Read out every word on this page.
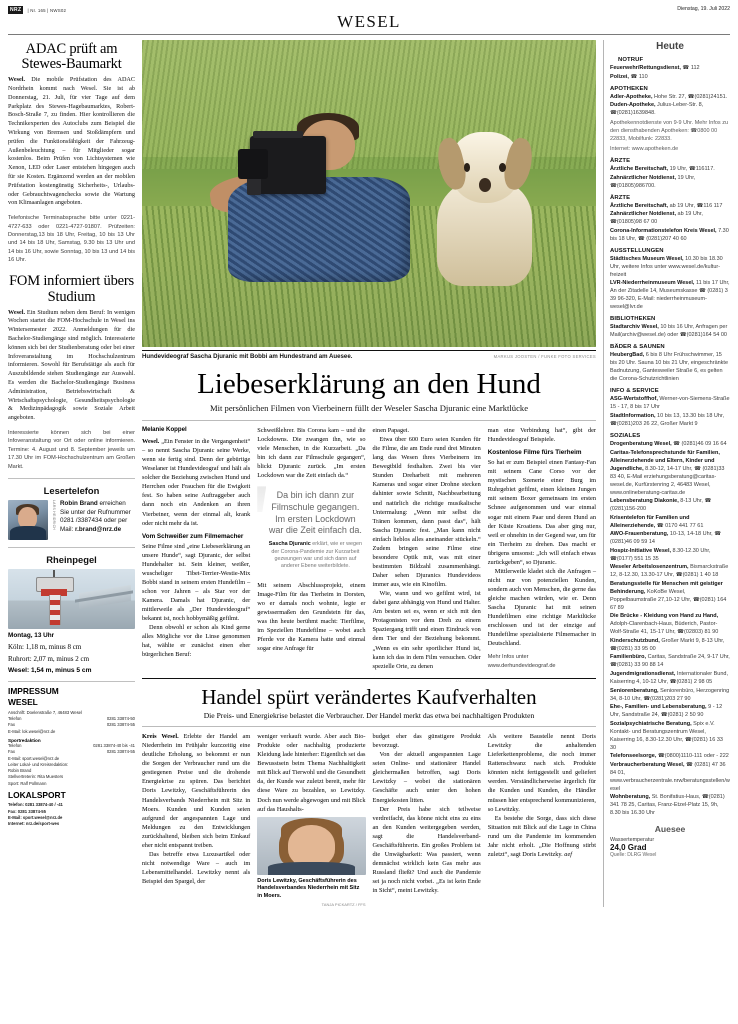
NRZ	| Nr. 165 | NWS02	Dienstag, 19. Juli 2022
WESEL
ADAC prüft am Stewes-Baumarkt
Wesel. Die mobile Prüfstation des ADAC Nordrhein kommt nach Wesel. Sie ist ab Donnerstag, 21. Juli, für vier Tage auf dem Parkplatz des Stewes-Hagebaumarktes, Robert-Bosch-Straße 7, zu finden. Hier kontrollieren die Technikexperten des Autoclubs zum Beispiel die Wirkung von Bremsen und Stoßdämpfern und prüfen die Funktionsfähigkeit der Fahrzeug-Außenbeleuchtung – für Mitglieder sogar kostenlos. Beim Prüfen von Lichtsystemen wie Xenon, LED oder Laser entstehen hingegen auch für sie Kosten. Ergänzend werden an der mobilen Prüfstation kostengünstig Sicherheits-, Urlaubs- oder Gebrauchtwagenchecks sowie die Wartung von Klimaanlagen angeboten.
Telefonische Terminabsprache bitte unter 0221-4727-633 oder 0221-4727-91807. Prüfzeiten: Donnerstag,13 bis 18 Uhr, Freitag, 10 bis 13 Uhr und 14 bis 18 Uhr, Samstag, 9.30 bis 13 Uhr und 14 bis 16 Uhr, sowie Sonntag, 10 bis 13 und 14 bis 16 Uhr.
FOM informiert übers Studium
Wesel. Ein Studium neben dem Beruf: In wenigen Wochen startet die FOM-Hochschule in Wesel ins Wintersemester 2022. Anmeldungen für die Bachelor-Studiengänge sind möglich. Interessierte können sich bei der Studienberatung oder bei einer Infoveranstaltung im Hochschulzentrum informieren. Sowohl für Berufstätige als auch für Auszubildende stehen Studiengänge zur Auswahl. Es werden die Bachelor-Studiengänge Business Administration, Betriebswirtschaft & Wirtschaftspsychologie, Gesundheitspsychologie & Medizinpädagogik sowie Soziale Arbeit angeboten.
Interessierte können sich bei einer Infoveranstaltung vor Ort oder online informieren. Termine: 4. August und 8. September jeweils um 17.30 Uhr im FOM-Hochschulzentrum am Großen Markt.
Lesertelefon
LARS HEIDRICH Robin Brand erreichen Sie unter der Rufnummer 0281 /3387434 oder per Mail: r.brand@nrz.de
Rheinpegel
Montag, 13 Uhr
Köln: 1,18 m, minus 8 cm
Ruhrort: 2,07 m, minus 2 cm
Wesel: 1,54 m, minus 5 cm
IMPRESSUM
WESEL
Anschrift: Doelenstraße 7, 46483 Wesel
Telefon	0281 33874-50
Fax	0281 33874-55
E-Mail: lok.wesel@nrz.de
Sportredaktion
Telefon	0281 33874-40 bis -41
Fax	0281 33874-55
E-Mail: sport.wesel@nrz.de
Leiter Lokal- und Kreisredaktion:
Robin Brand
Stellvertreterin: Rita Muesters
Sport: Ralf Pollmann
LOKALSPORT
Telefon: 0281 33874-40 / -41
Fax: 0281 33874-55
E-Mail: sport.wesel@nrz.de
Internet: nrz.de/sport-wes
Hundevideograf Sascha Djuranic mit Bobbi am Hundestrand am Auesee.	MARKUS JOOSTEN / FUNKE FOTO SERVICES
Liebeserklärung an den Hund
Mit persönlichen Filmen von Vierbeinern füllt der Weseler Sascha Djuranic eine Marktlücke
Melanie Koppel

Wesel. „Ein Fenster in die Vergangenheit“ – so nennt Sascha Djuranic seine Werke, wenn sie fertig sind. Denn der gebürtige Weselaner ist Hundevideograf und hält als solcher die Beziehung zwischen Hund und Herrchen oder Frauchen für die Ewigkeit fest. So haben seine Auftraggeber auch dann noch ein Andenken an ihren Vierbeiner, wenn der einmal alt, krank oder nicht mehr da ist.

Vom Schweißer zum Filmemacher

Seine Filme sind „eine Liebeserklärung an unsere Hunde“, sagt Djuranic, der selbst Hundehalter ist. Sein kleiner, weißer, wuscheliger Tibet-Terrier-Westie-Mix Bobbi stand in seinem ersten Hundefilm – schon vor Jahren – als Star vor der Kamera. Damals hat Djuranic, der mittlerweile als „Der Hundevideograf“ bekannt ist, noch hobbymäßig gefilmt.

Denn obwohl er schon als Kind gerne alles Mögliche vor die Linse genommen hat, wählte er zunächst einen eher bürgerlichen Beruf:

Schweißlehrer. Bis Corona kam – und die Lockdowns. Die zwangen ihn, wie so viele Menschen, in die Kurzarbeit. „Da bin ich dann zur Filmschule gegangen“, blickt Djuranic zurück. „Im ersten Lockdown war die Zeit einfach da.“

Da bin ich dann zur Filmschule gegangen. Im ersten Lockdown war die Zeit einfach da.
Sascha Djuranic erklärt, wie er wegen der Corona-Pandemie zur Kurzarbeit gezwungen war und sich dann auf anderer Ebene weiterbildete.

Mit seinem Abschlussprojekt, einem Image-Film für das Tierheim in Dorsten, wo er damals noch wohnte, legte er gewissermaßen den Grundstein für das, was ihn heute berühmt macht: Tierfilme, im Speziellen Hundefilme – wobei auch Pferde vor die Kamera hatte und einmal sogar eine Anfrage für

einen Papagei.

Etwa über 600 Euro seien Kunden für die Filme, die am Ende rund drei Minuten lang das Wesen ihres Vierbeinern im Bewegtbild festhalten. Zwei bis vier Stunden Dreharbeit mit mehreren Kameras und sogar einer Drohne stecken dahinter sowie Schnitt, Nachbearbeitung und natürlich die richtige musikalische Untermalung: „Wenn mir selbst die Tränen kommen, dann passt das“, hält Sascha Djuranic fest. „Man kann nicht einfach lieblos alles aneinander stückeln.“ Zudem bringen seine Filme eine besondere Optik mit, was mit einer bestimmten Bildzahl zusammenhängt. Daher sehen Djuranics Hundevideos immer aus, wie ein Kinofilm.

Wie, wann und wo gefilmt wird, ist dabei ganz abhängig von Hund und Halter. Am besten sei es, wenn er sich mit den Protagonisten vor dem Dreh zu einem Spaziergang trifft und einen Eindruck von dem Tier und der Beziehung bekommt. „Wenn es ein sehr sportlicher Hund ist, kann ich das in dem Film versuchen. Oder spezielle Orte, zu denen

man eine Verbindung hat“, gibt der Hundevideograf Beispiele.

Kostenlose Filme fürs Tierheim

So hat er zum Beispiel einen Fantasy-Fan mit seinem Cane Corso vor der mystischen Szenerie einer Burg im Ruhrgebiet gefilmt, einen kleinen Jungen mit seinem Boxer gemeinsam im ersten Schnee aufgenommen und war einmal sogar mit einem Paar und deren Hund an der Küste Kroatiens. Das aber ging nur, weil er ohnehin in der Gegend war, um für ein Tierheim zu drehen. Das macht er übrigens umsonst: „Ich will einfach etwas zurückgeben“, so Djuranic.

Mittlerweile kladet sich die Anfragen – nicht nur von potenziellen Kunden, sondern auch von Menschen, die gerne das gleiche machen würden, wie er. Denn Sascha Djuranic hat mit seinen Hundefilmen eine richtige Marktlücke erschlossen und ist der einzige auf Hundefilme spezialisierte Filmemacher in Deutschland.

Mehr Infos unter www.derhundevideograf.de
Handel spürt verändertes Kaufverhalten
Die Preis- und Energiekrise belastet die Verbraucher. Der Handel merkt das etwa bei nachhaltigen Produkten

Kreis Wesel. Erlebte der Handel am Niederrhein im Frühjahr kurzzeitig eine deutliche Erholung, so bekommt er nun die Sorgen der Verbraucher rund um die gestiegenen Preise und die drohende Energiekrise zu spüren. Das berichtet Doris Lewitzky, Geschäftsführerin des Handelsverbands Niederrhein mit Sitz in Moers. Kunden und Kunden seien aufgrund der angespannten Lage und Meldungen zu den Entwicklungen zurückhaltend, bleiben sich beim Einkauf eher nicht entspannt treiben.

Das betreffe etwa Luxusartikel oder nicht notwendige Ware – auch im Lebensmittelhandel. Lewitzky nennt als Beispiel den Spargel, der

weniger verkauft wurde. Aber auch Bio-Produkte oder nachhaltig produzierte Kleidung lade hinterher: Eigentlich sei das Bewusstsein beim Thema Nachhaltigkeit mit Blick auf Tierwohl und die Gesundheit da, der Kunde war zuletzt bereit, mehr für diese Ware zu bezahlen, so Lewitzky. Doch nun werde abgewogen und mit Blick auf das Haushalts-

Doris Lewitzky, Geschäftsführerin des Handelsverbandes Niederrhein mit Sitz in Moers.
TANJA PICKARTZ / FFS

budget eher das günstigere Produkt bevorzugt.

Von der aktuell angespannten Lage seien Online- und stationärer Handel gleichermaßen betroffen, sagt Doris Lewitzky – wobei die stationären Geschäfte auch unter den hohen Energiekosten litten.

Der Preis habe sich teilweise verdreifacht, das könne nicht eins zu eins an den Kunden weitergegeben werden, sagt die Handelsverband-Geschäftsführerin. Ein großes Problem ist die Unwägbarkeit: Was passiert, wenn demnächst wirklich kein Gas mehr aus Russland fließt? Und auch die Pandemie sei ja noch nicht vorbei. „Es ist kein Ende in Sicht“, meint Lewitzky.

Als weitere Baustelle nennt Doris Lewitzky die anhaltenden Lieferkettenprobleme, die noch immer Rattenschwanz nach sich. Produkte könnten nicht fertiggestellt und geliefert werden. Verständlicherweise ärgerlich für die Kunden und Kunden, die Händler müssen hier entsprechend kommunizieren, so Lewitzky.

Es bestehe die Sorge, dass sich diese Situation mit Blick auf die Lage in China rund um die Pandemie im kommenden Jahr nicht erholt. „Die Hoffnung stirbt zuletzt“, sagt Doris Lewitzky. aef

Heute
NOTRUF
Feuerwehr/Rettungsdienst, ☎ 112
Polizei, ☎ 110
APOTHEKEN
Adler-Apotheke, Hohe Str. 27, ☎(0281)24151.
Duden-Apotheke, Julius-Leber-Str. 8, ☎(0281)1639848.
Apothekennotdienste von 9-9 Uhr. Mehr Infos zu den diensthabenden Apotheken: ☎0800 00 22833, Mobilfunk: 22833.
Internet: www.apotheken.de
ÄRZTE
Ärztliche Bereitschaft, 19 Uhr, ☎116117.
Zahnärztlicher Notdienst, 19 Uhr, ☎(01805)986700.
ÄRZTE
Ärztliche Bereitschaft, ab 19 Uhr, ☎116 117
Zahnärztlicher Notdienst, ab 19 Uhr, ☎(01805)98 67 00
Corona-Informationstelefon Kreis Wesel, 7.30 bis 18 Uhr, ☎ (0281)207 40 60
AUSSTELLUNGEN
Städtisches Museum Wesel, 10.30 bis 18.30 Uhr, weitere Infos unter www.wesel.de/kultur-freizeit
LVR-Niederrheinmuseum Wesel, 11 bis 17 Uhr, An der Zitadelle 14, Museumskasse ☎ (0281) 3 39 96-320, E-Mail: niederrheinmuseum-wesel@lvr.de
BIBLIOTHEKEN
Stadtarchiv Wesel, 10 bis 16 Uhr, Anfragen per Mail(archiv@wesel.de) oder ☎(0281)164 54 00
BÄDER & SAUNEN
HeubergBad, 6 bis 8 Uhr Frühschwimmer, 15 bis 20 Uhr. Sauna 10 bis 21 Uhr, eingeschränkte Badnutzung, Gantesweiler Straße 6, es gelten die Corona-Schutzrichtlinien
INFO & SERVICE
ASG-Wertstoffhof, Werner-von-Siemens-Straße 15 - 17, 8 bis 17 Uhr
StadtInformation, 10 bis 13, 13.30 bis 18 Uhr, ☎(0281)203 26 22, Großer Markt 9
SOZIALES
Drogenberatung Wesel, ☎ (0281)46 09 16 64
Caritas-Telefonsprechstunde für Familien, Alleinerziehende und Eltern, Kinder und Jugendliche, 8.30-12, 14-17 Uhr, ☎ (0281)33 83 40, E-Mail erziehungsberatung@caritas-wesel.de, Kurfürstenring 2, 46483 Wesel, www.onlineberatung-caritas.de
Lebensberatung Diakonie, 8-13 Uhr, ☎ (0281)156-200
Krisentelefon für Familien und Alleinerziehende, ☎ 0170 441 77 61
AWO-Frauenberatung, 10-13, 14-18 Uhr, ☎ (0281)46 09 59 14
Hospiz-Initiative Wesel, 8.30-12.30 Uhr, ☎(0177) 551 15 35
Weseler Arbeitslosenzentrum, Bismarckstraße 12, 8-12.30, 13.30-17 Uhr, ☎(0281) 1 40 18
Beratungsstelle für Menschen mit geistiger Behinderung, KoKoBe Wesel, Poppelbaumstraße 27,10-12 Uhr, ☎(0281) 164 67 89
Die Brücke - Kleidung von Hand zu Hand, Adolph-Clarenbach-Haus, Büderich, Pastor-Wolf-Straße 41, 15-17 Uhr, ☎(02803) 81 90
Kinderschutzbund, Großer Markt 9, 8-13 Uhr, ☎(0281) 33 95 00
Familienbüro, Caritas, Sandstraße 24, 9-17 Uhr, ☎(0281) 33 90 88 14
Jugendmigrationsdienst, Internationaler Bund, Kaiserring 4, 10-12 Uhr, ☎(0281) 2 98 05
Seniorenberatung, Seniorenbüro, Herzogenring 34, 8-10 Uhr, ☎(0281)203 27 90
Ehe-, Familien- und Lebensberatung, 9 - 12 Uhr, Sandstraße 24, ☎(0281) 2 50 90
Sozialpsychiatrische Beratung, Spix e.V. Kontakt- und Beratungszentrum Wesel, Kaiserring 16, 8.30-12.30 Uhr, ☎(0281) 16 33 30
Telefonseelsorge, ☎(0800)1110-111 oder - 222
Verbraucherberatung Wesel, ☎ (0281) 47 36 84 01, www.verbraucherzentrale.nrw/beratungsstellen/wesel
Wohnberatung, St. Bonifatius-Haus, ☎(0281) 341 78 25, Caritas, Franz-Etzel-Platz 15, 9h, 8.30 bis 16.30 Uhr
Auesee
Wassertemperatur
24,0 Grad
Quelle: DLRG Wesel
